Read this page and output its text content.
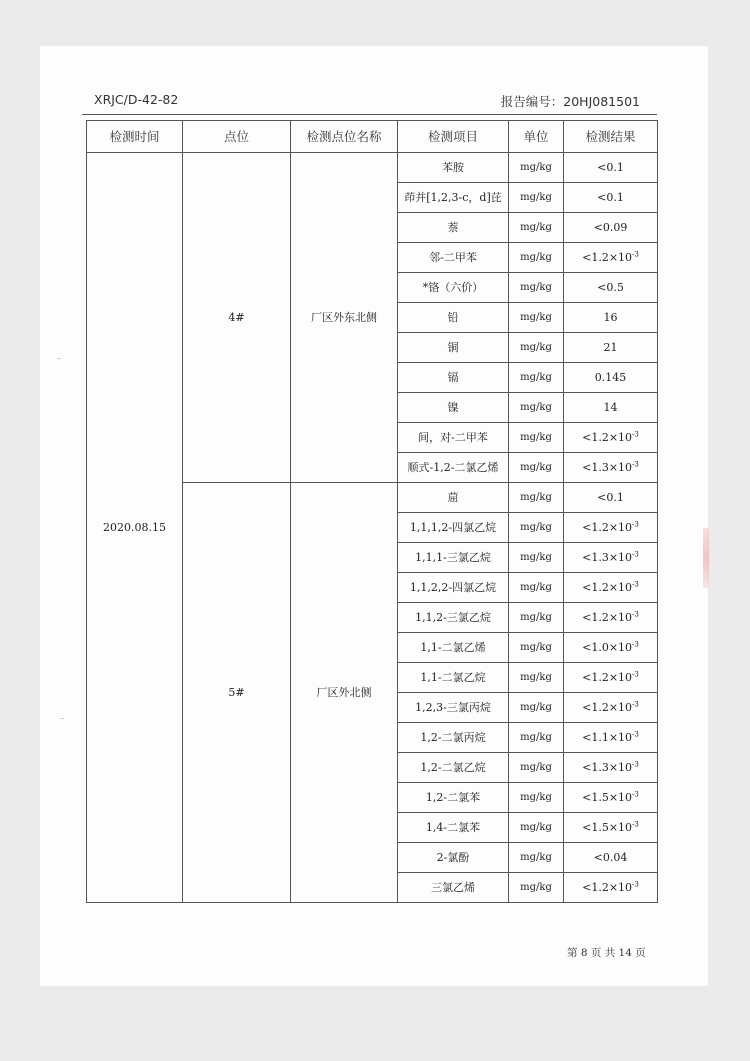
XRJC/D-42-82	报告编号：20HJ081501
检测时间	点位	检测点位名称	检测项目	单位	检测结果
2020.08.15	4#	厂区外东北侧	苯胺	mg/kg	<0.1
			茚并[1,2,3-c，d]芘	mg/kg	<0.1
			萘	mg/kg	<0.09
			邻-二甲苯	mg/kg	$<1.2\times 10^{-3}$
			*铬（六价）	mg/kg	<0.5
			铅	mg/kg	16
			铜	mg/kg	21
			镉	mg/kg	0.145
			镍	mg/kg	14
			间，对-二甲苯	mg/kg	$<1.2\times 10^{-3}$
			顺式-1,2-二氯乙烯	mg/kg	$<1.3\times 10^{-3}$
	5#	厂区外北侧	䓛	mg/kg	<0.1
			1,1,1,2-四氯乙烷	mg/kg	$<1.2\times 10^{-3}$
			1,1,1-三氯乙烷	mg/kg	$<1.3\times 10^{-3}$
			1,1,2,2-四氯乙烷	mg/kg	$<1.2\times 10^{-3}$
			1,1,2-三氯乙烷	mg/kg	$<1.2\times 10^{-3}$
			1,1-二氯乙烯	mg/kg	$<1.0\times 10^{-3}$
			1,1-二氯乙烷	mg/kg	$<1.2\times 10^{-3}$
			1,2,3-三氯丙烷	mg/kg	$<1.2\times 10^{-3}$
			1,2-二氯丙烷	mg/kg	$<1.1\times 10^{-3}$
			1,2-二氯乙烷	mg/kg	$<1.3\times 10^{-3}$
			1,2-二氯苯	mg/kg	$<1.5\times 10^{-3}$
			1,4-二氯苯	mg/kg	$<1.5\times 10^{-3}$
			2-氯酚	mg/kg	<0.04
			三氯乙烯	mg/kg	$<1.2\times 10^{-3}$
第 8 页 共 14 页
